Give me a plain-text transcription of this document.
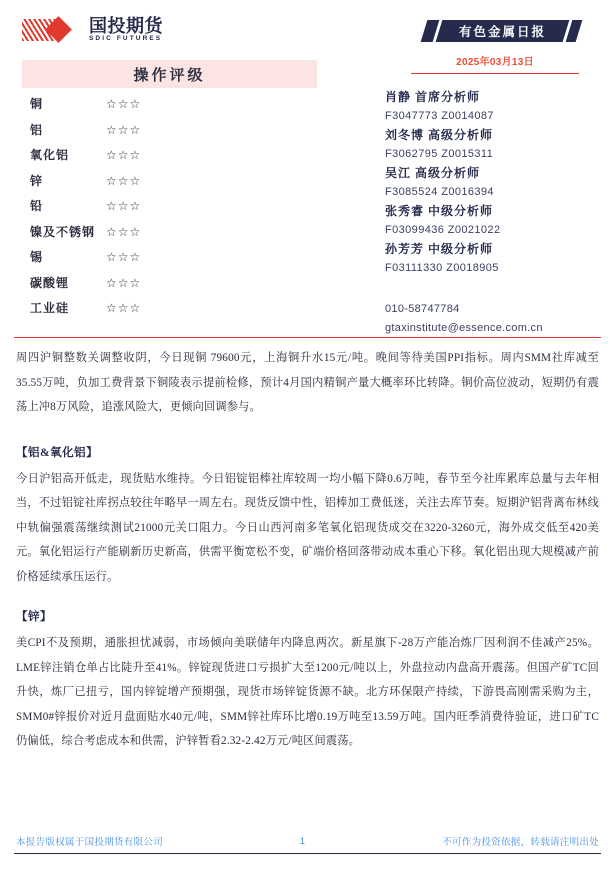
国投期货
SDIC FUTURES	有色金属日报
2025年03月13日
操作评级
铜	☆☆☆
铝	☆☆☆
氧化铝	☆☆☆
锌	☆☆☆
铅	☆☆☆
镍及不锈钢 ☆☆☆
锡	☆☆☆
碳酸锂	☆☆☆
工业硅	☆☆☆
肖静 首席分析师
F3047773 Z0014087
刘冬博 高级分析师
F3062795 Z0015311
吴江 高级分析师
F3085524 Z0016394
张秀睿 中级分析师
F03099436 Z0021022
孙芳芳 中级分析师
F03111330 Z0018905
010-58747784
gtaxinstitute@essence.com.cn

周四沪铜整数关调整收阴，今日现铜 79600元，上海铜升水15元/吨。晚间等待美国PPI指标。周内SMM社库减至35.55万吨，负加工费背景下铜陵表示提前检修，预计4月国内精铜产量大概率环比转降。铜价高位波动，短期仍有震荡上冲8万风险，追涨风险大，更倾向回调参与。

【铝&氧化铝】

今日沪铝高开低走，现货贴水维持。今日铝锭铝棒社库较周一均小幅下降0.6万吨，春节至今社库累库总量与去年相当，不过铝锭社库拐点较往年略早一周左右。现货反馈中性，铝棒加工费低迷，关注去库节奏。短期沪铝背离布林线中轨偏强震荡继续测试21000元关口阻力。今日山西河南多笔氧化铝现货成交在3220-3260元，海外成交低至420美元。氧化铝运行产能刷新历史新高，供需平衡宽松不变，矿端价格回落带动成本重心下移。氧化铝出现大规模减产前价格延续承压运行。

【锌】

美CPI不及预期，通胀担忧减弱，市场倾向美联储年内降息两次。新星旗下-28万产能冶炼厂因利润不佳减产25%。LME锌注销仓单占比陡升至41%。锌锭现货进口亏损扩大至1200元/吨以上，外盘拉动内盘高开震荡。但国产矿TC回升快，炼厂已扭亏，国内锌锭增产预期强，现货市场锌锭货源不缺。北方环保限产持续，下游畏高刚需采购为主，SMM0#锌报价对近月盘面贴水40元/吨，SMM锌社库环比增0.19万吨至13.59万吨。国内旺季消费待验证，进口矿TC仍偏低，综合考虑成本和供需，沪锌暂看2.32-2.42万元/吨区间震荡。

本报告版权属于国投期货有限公司	1	不可作为投资依据，转载请注明出处
